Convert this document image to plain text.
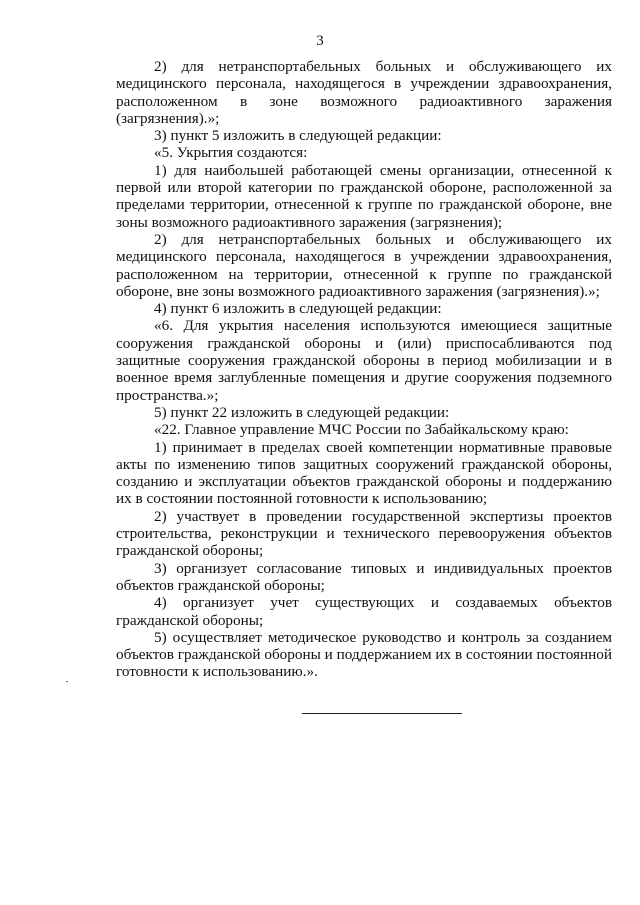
3

2) для нетранспортабельных больных и обслуживающего их медицинского персонала, находящегося в учреждении здравоохранения, расположенном в зоне возможного радиоактивного заражения (загрязнения).»;

3) пункт 5 изложить в следующей редакции:

«5. Укрытия создаются:

1) для наибольшей работающей смены организации, отнесенной к первой или второй категории по гражданской обороне, расположенной за пределами территории, отнесенной к группе по гражданской обороне, вне зоны возможного радиоактивного заражения (загрязнения);

2) для нетранспортабельных больных и обслуживающего их медицинского персонала, находящегося в учреждении здравоохранения, расположенном на территории, отнесенной к группе по гражданской обороне, вне зоны возможного радиоактивного заражения (загрязнения).»;

4) пункт 6 изложить в следующей редакции:

«6. Для укрытия населения используются имеющиеся защитные сооружения гражданской обороны и (или) приспосабливаются под защитные сооружения гражданской обороны в период мобилизации и в военное время заглубленные помещения и другие сооружения подземного пространства.»;

5) пункт 22 изложить в следующей редакции:

«22. Главное управление МЧС России по Забайкальскому краю:

1) принимает в пределах своей компетенции нормативные правовые акты по изменению типов защитных сооружений гражданской обороны, созданию и эксплуатации объектов гражданской обороны и поддержанию их в состоянии постоянной готовности к использованию;

2) участвует в проведении государственной экспертизы проектов строительства, реконструкции и технического перевооружения объектов гражданской обороны;

3) организует согласование типовых и индивидуальных проектов объектов гражданской обороны;

4) организует учет существующих и создаваемых объектов гражданской обороны;

5) осуществляет методическое руководство и контроль за созданием объектов гражданской обороны и поддержанием их в состоянии постоянной готовности к использованию.».
